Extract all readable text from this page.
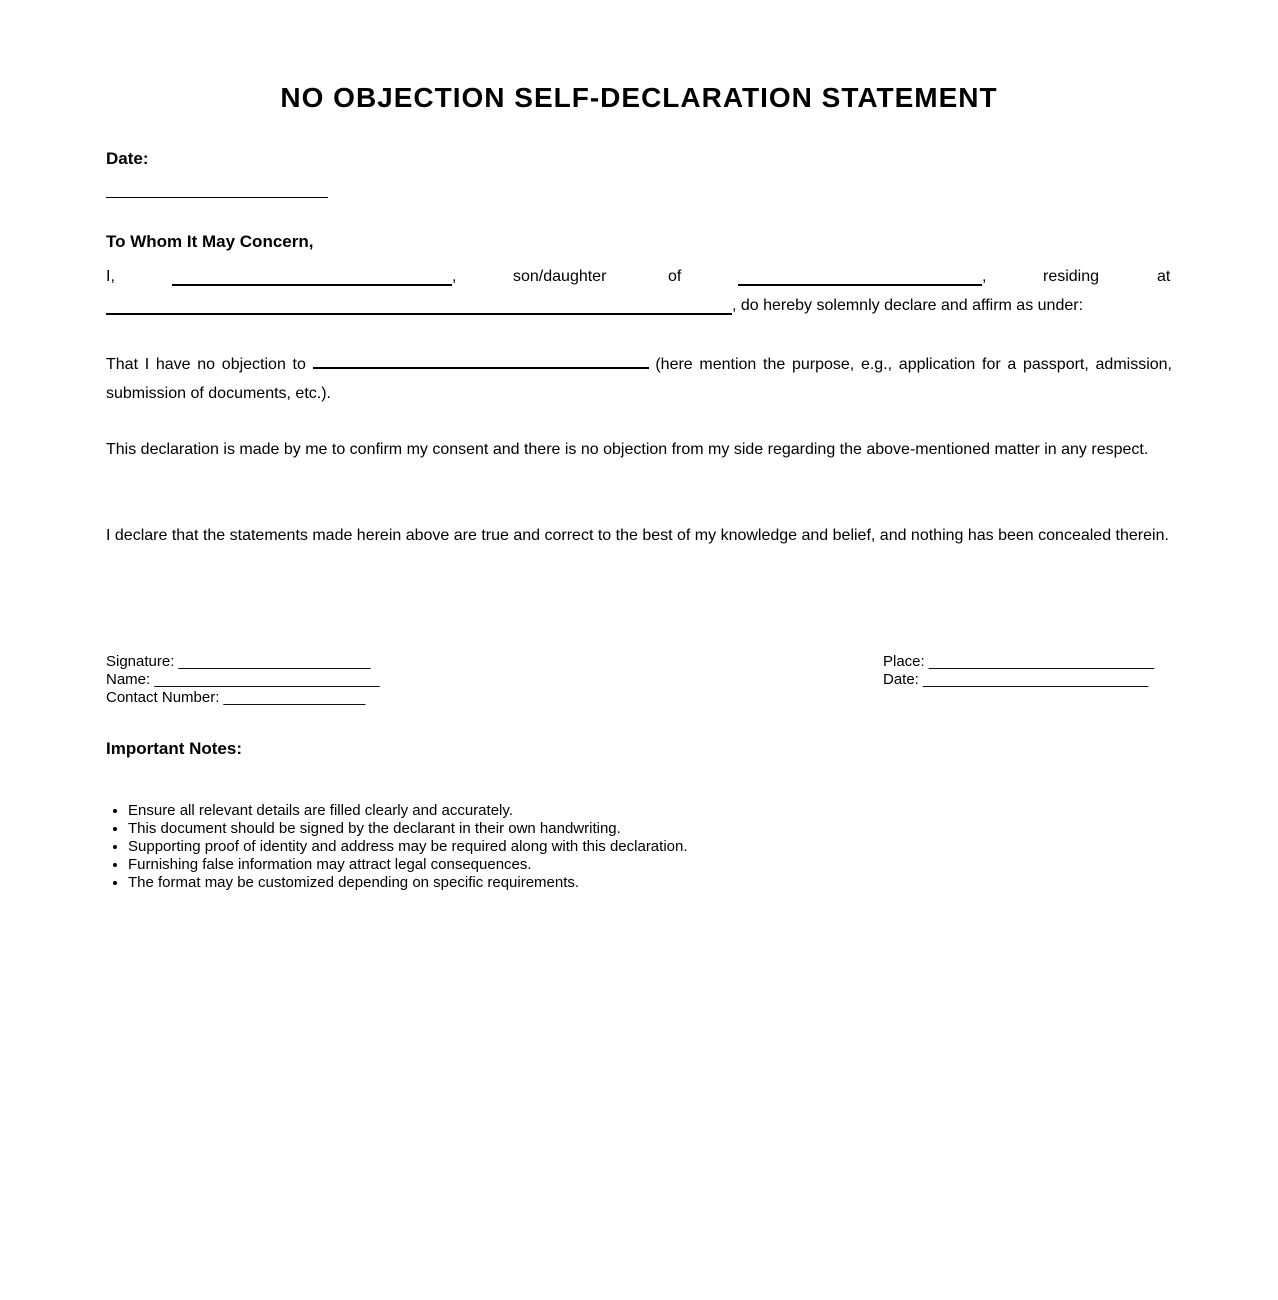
NO OBJECTION SELF-DECLARATION STATEMENT

Date:

To Whom It May Concern,

I,	,	son/daughter	of	,	residing	at
, do hereby solemnly declare and affirm as under:

That I have no objection to	(here mention the purpose, e.g., application for a passport, admission, submission of documents, etc.).

This declaration is made by me to confirm my consent and there is no objection from my side regarding the above-mentioned matter in any respect.

I declare that the statements made herein above are true and correct to the best of my knowledge and belief, and nothing has been concealed therein.

Signature: _______________________
Name: ___________________________
Contact Number: _________________
Place: ___________________________
Date: ___________________________

Important Notes:

• Ensure all relevant details are filled clearly and accurately.
• This document should be signed by the declarant in their own handwriting.
• Supporting proof of identity and address may be required along with this declaration.
• Furnishing false information may attract legal consequences.
• The format may be customized depending on specific requirements.
